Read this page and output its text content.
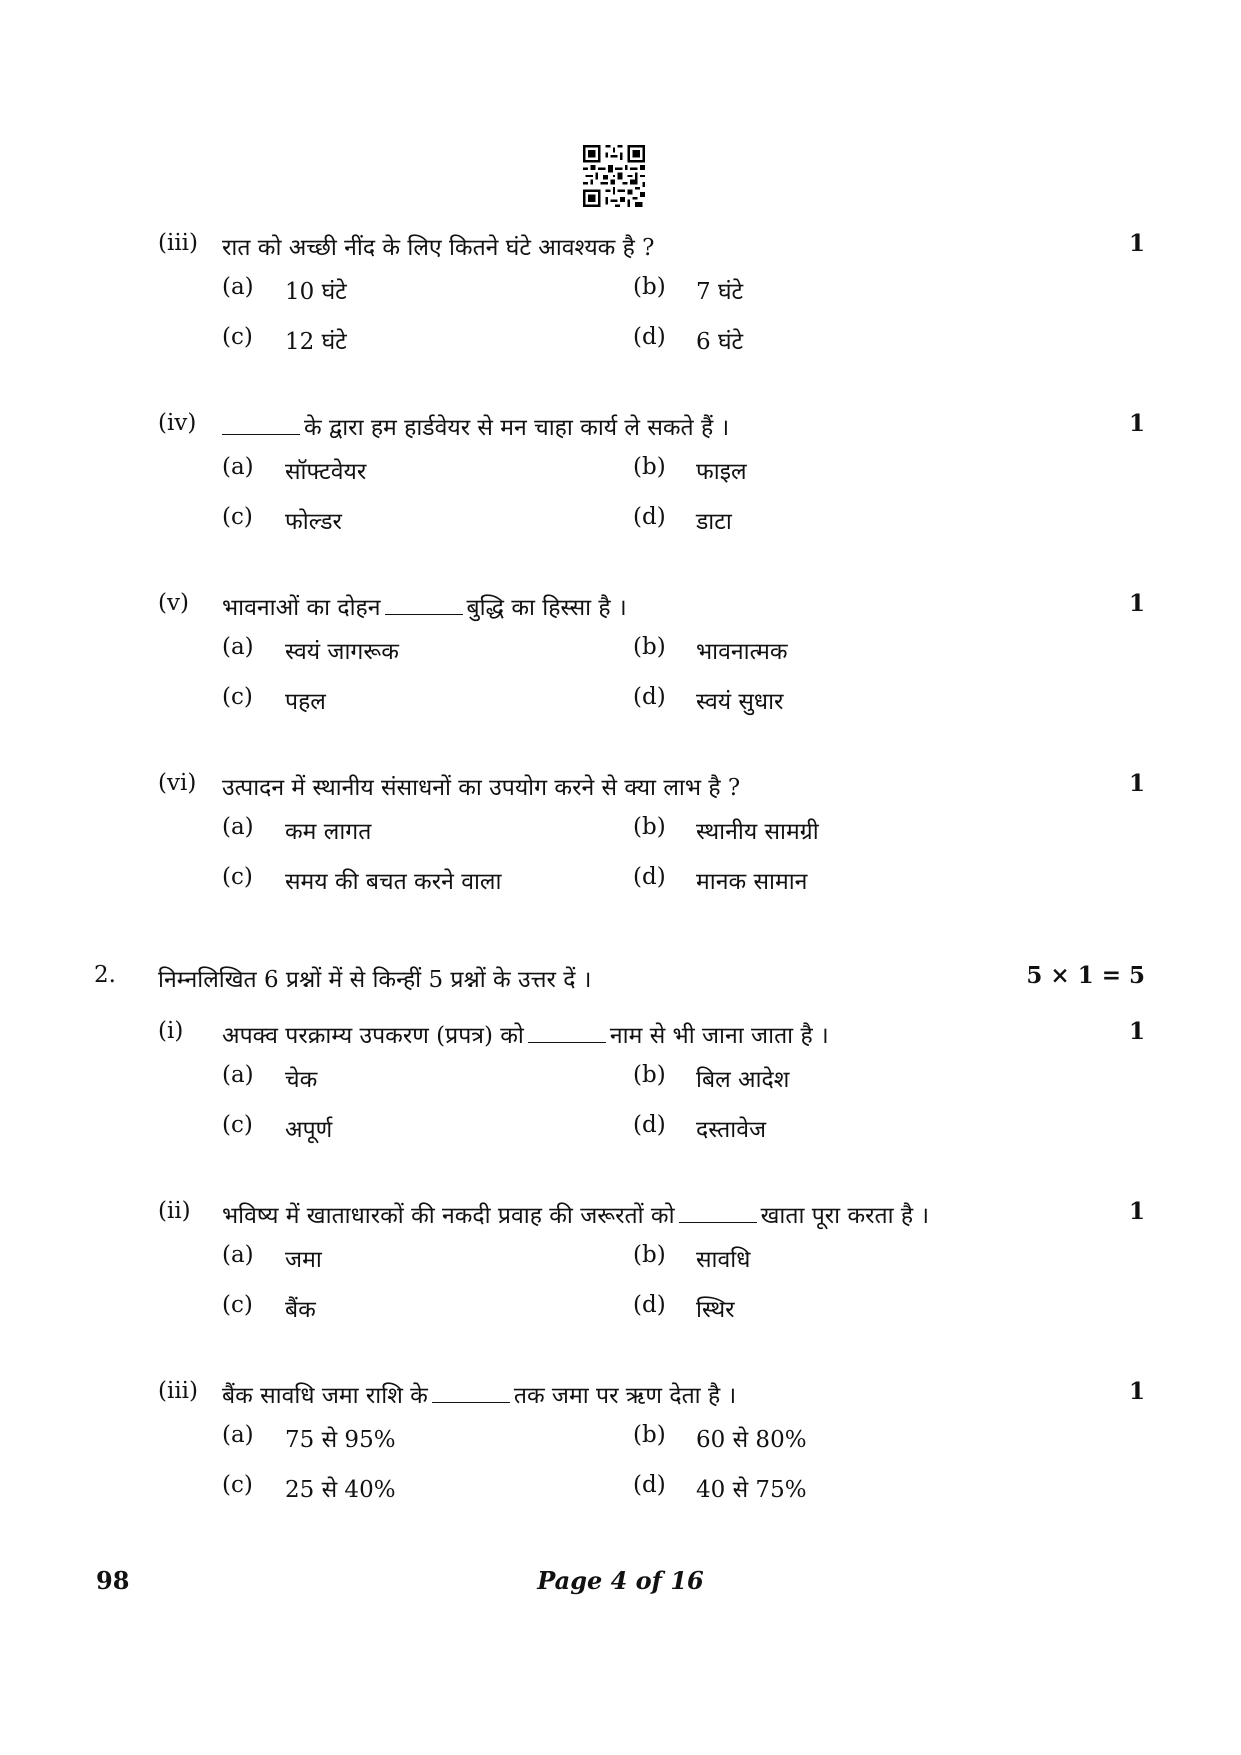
(iii) रात को अच्छी नींद के लिए कितने घंटे आवश्यक है ?	1
(a) 10 घंटे	(b) 7 घंटे
(c) 12 घंटे	(d) 6 घंटे
(iv)	के द्वारा हम हार्डवेयर से मन चाहा कार्य ले सकते हैं ।	1
(a) सॉफ्टवेयर	(b) फाइल
(c) फोल्डर	(d) डाटा
(v) भावनाओं का दोहन	बुद्धि का हिस्सा है ।	1
(a) स्वयं जागरूक	(b) भावनात्मक
(c) पहल	(d) स्वयं सुधार
(vi) उत्पादन में स्थानीय संसाधनों का उपयोग करने से क्या लाभ है ?	1
(a) कम लागत	(b) स्थानीय सामग्री
(c) समय की बचत करने वाला	(d) मानक सामान
2. निम्नलिखित 6 प्रश्नों में से किन्हीं 5 प्रश्नों के उत्तर दें ।	5 × 1 = 5
(i) अपक्व परक्राम्य उपकरण (प्रपत्र) को	नाम से भी जाना जाता है ।	1
(a) चेक	(b) बिल आदेश
(c) अपूर्ण	(d) दस्तावेज
(ii) भविष्य में खाताधारकों की नकदी प्रवाह की जरूरतों को	खाता पूरा करता है ।	1
(a) जमा	(b) सावधि
(c) बैंक	(d) स्थिर
(iii) बैंक सावधि जमा राशि के	तक जमा पर ऋण देता है ।	1
(a) 75 से 95%	(b) 60 से 80%
(c) 25 से 40%	(d) 40 से 75%
98	Page 4 of 16
